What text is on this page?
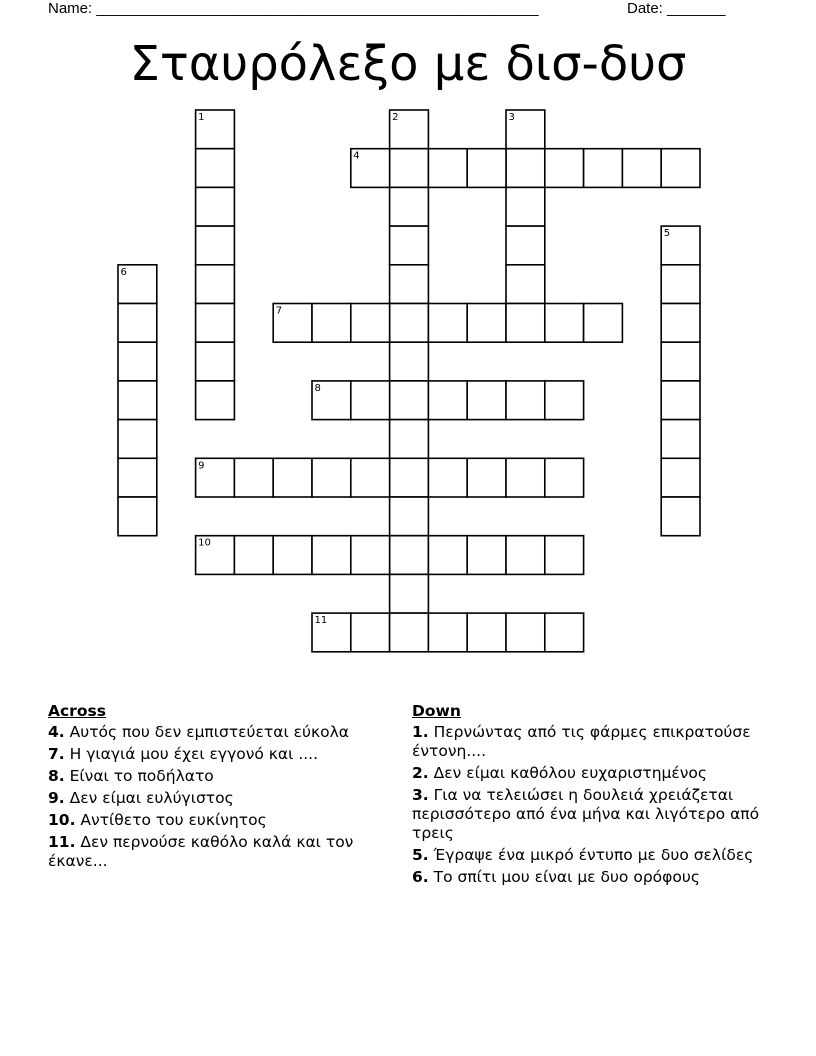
Name: _____________________________________________________	Date: _______
Σταυρόλεξο με δισ-δυσ
1	2	3
4
5
6
7
8
9
10
11
Across
4. Αυτός που δεν εμπιστεύεται εύκολα
7. Η γιαγιά μου έχει εγγονό και ....
8. Είναι το ποδήλατο
9. Δεν είμαι ευλύγιστος
10. Αντίθετο του ευκίνητος
11. Δεν περνούσε καθόλο καλά και τον έκανε...
Down
1. Περνώντας από τις φάρμες επικρατούσε έντονη....
2. Δεν είμαι καθόλου ευχαριστημένος
3. Για να τελειώσει η δουλειά χρειάζεται περισσότερο από ένα μήνα και λιγότερο από τρεις
5. Έγραψε ένα μικρό έντυπο με δυο σελίδες
6. Το σπίτι μου είναι με δυο ορόφους
